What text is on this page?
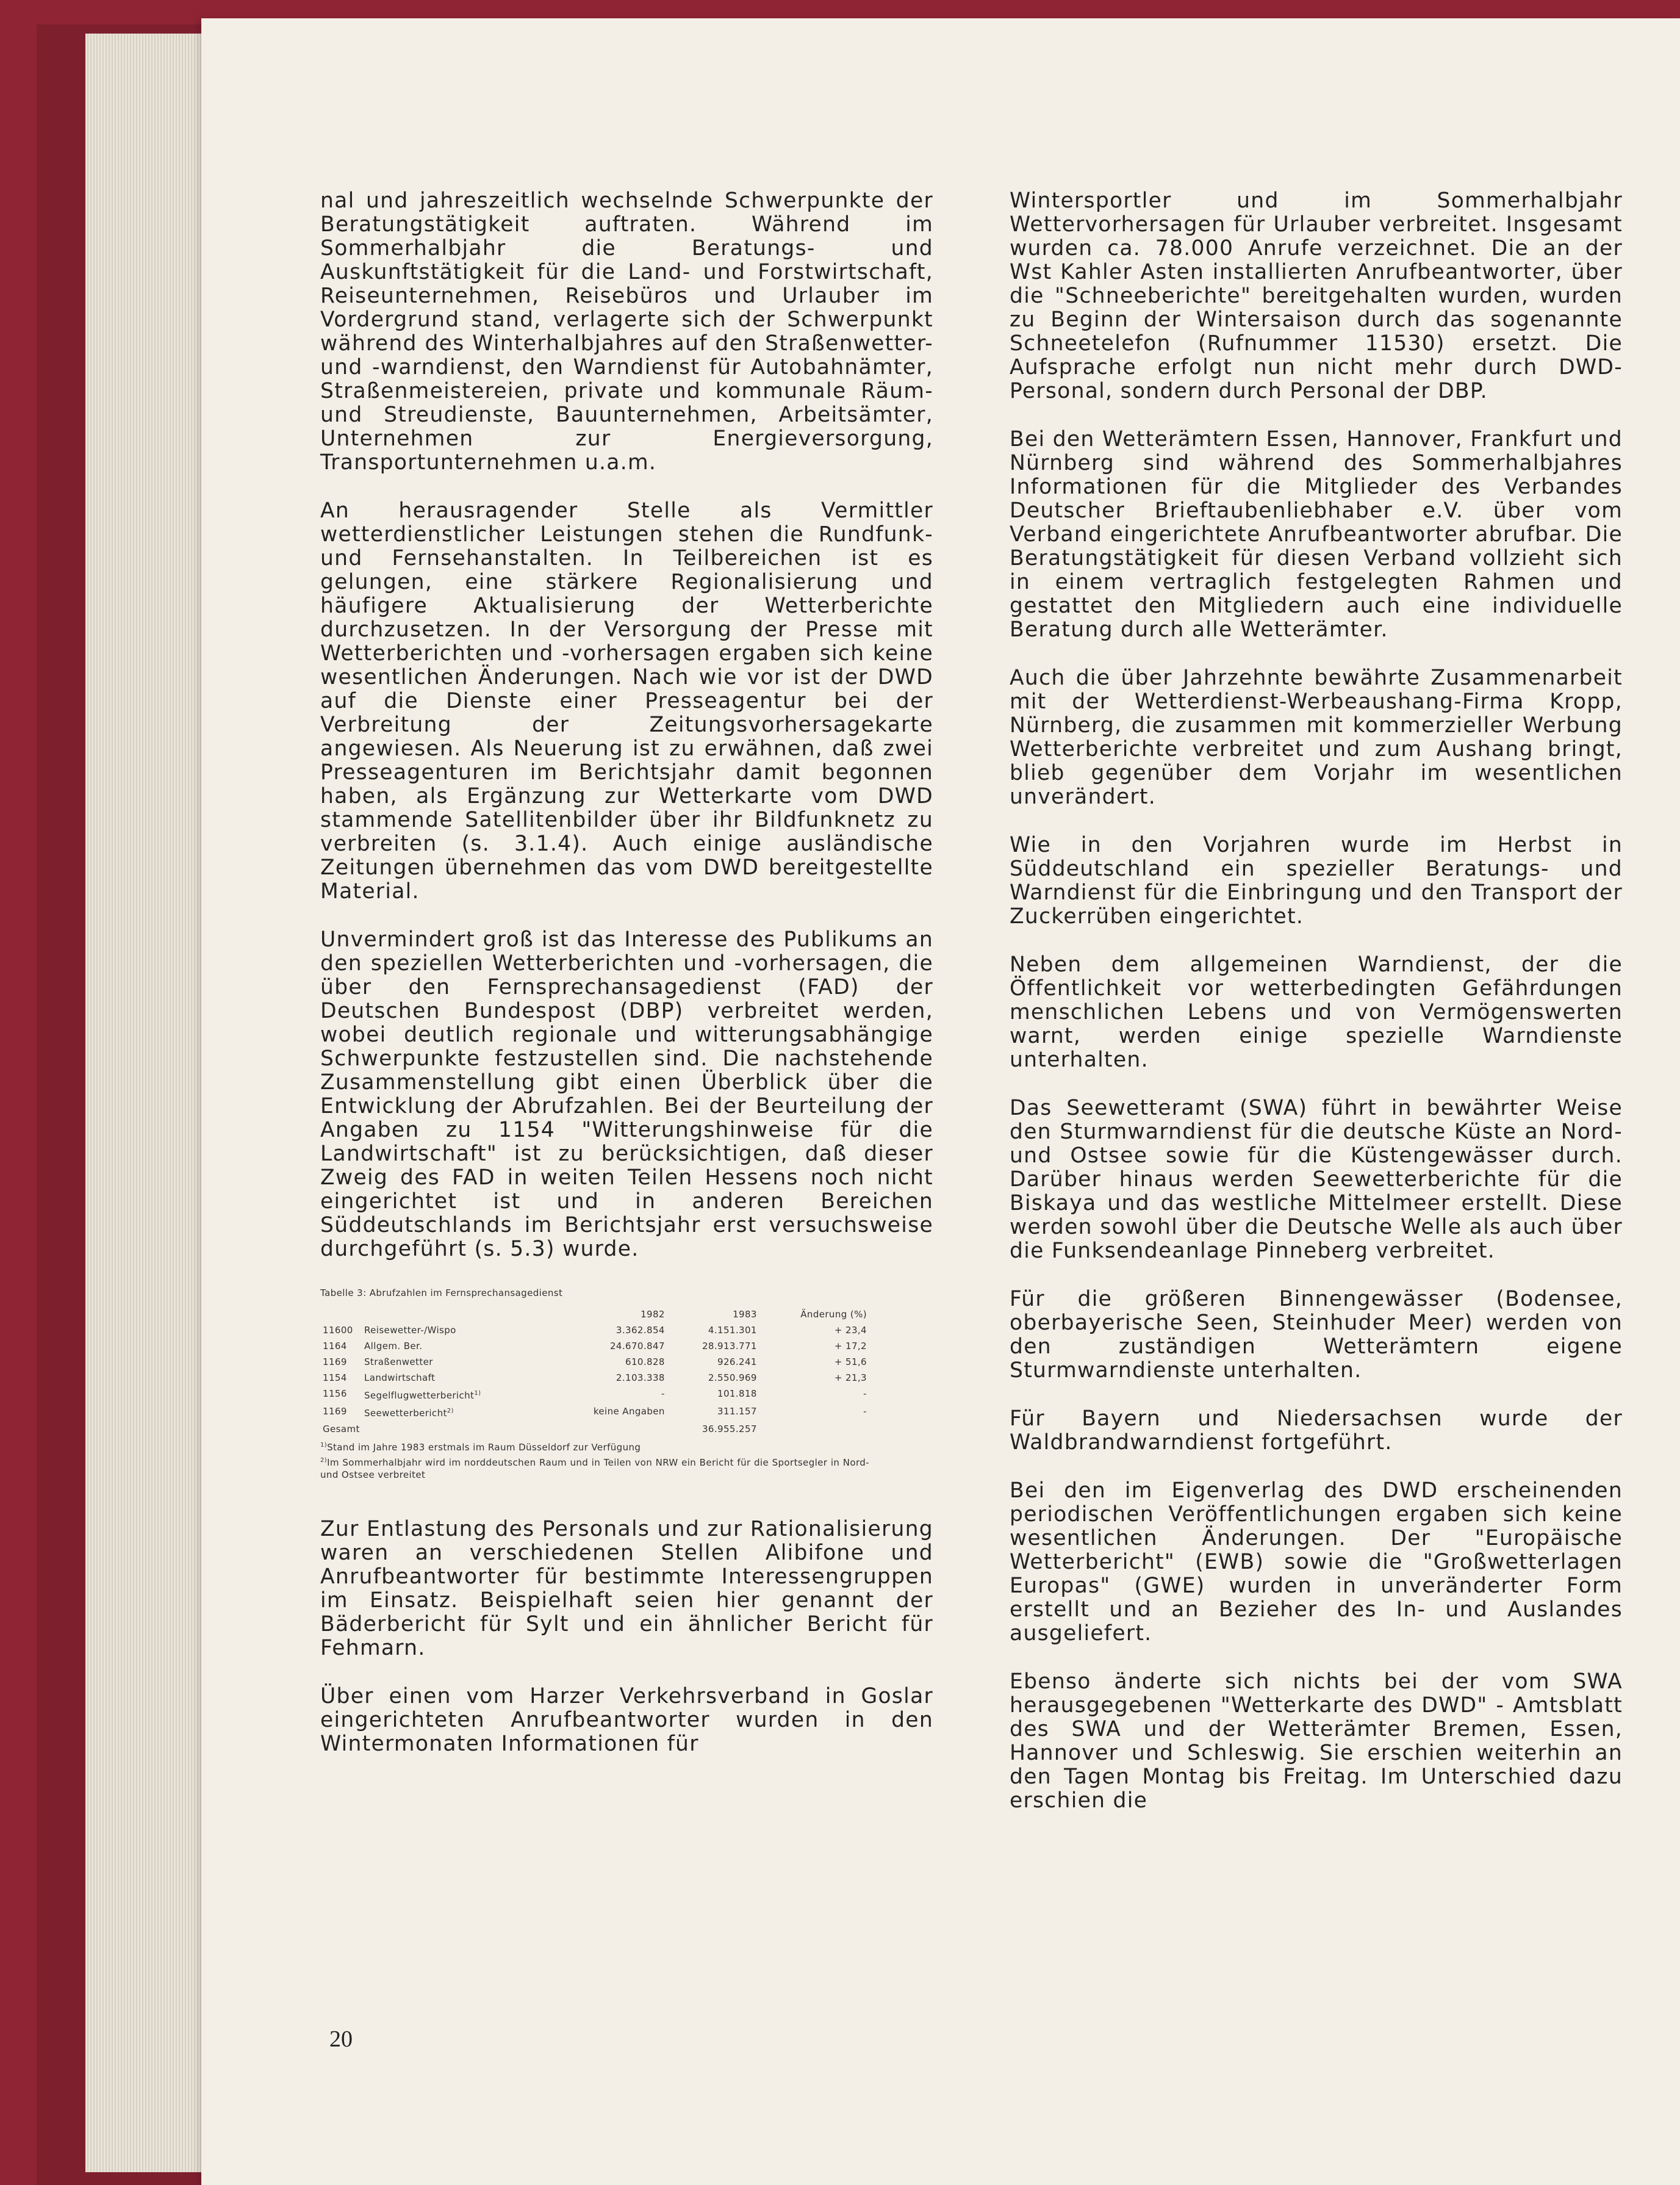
nal und jahreszeitlich wechselnde Schwerpunkte der Beratungstätigkeit auftraten. Während im Sommerhalbjahr die Beratungs- und Auskunftstätigkeit für die Land- und Forstwirtschaft, Reiseunternehmen, Reisebüros und Urlauber im Vordergrund stand, verlagerte sich der Schwerpunkt während des Winterhalbjahres auf den Straßenwetter- und -warndienst, den Warndienst für Autobahnämter, Straßenmeistereien, private und kommunale Räum- und Streudienste, Bauunternehmen, Arbeitsämter, Unternehmen zur Energieversorgung, Transportunternehmen u.a.m.

An herausragender Stelle als Vermittler wetterdienstlicher Leistungen stehen die Rundfunk- und Fernsehanstalten. In Teilbereichen ist es gelungen, eine stärkere Regionalisierung und häufigere Aktualisierung der Wetterberichte durchzusetzen. In der Versorgung der Presse mit Wetterberichten und -vorhersagen ergaben sich keine wesentlichen Änderungen. Nach wie vor ist der DWD auf die Dienste einer Presseagentur bei der Verbreitung der Zeitungsvorhersagekarte angewiesen. Als Neuerung ist zu erwähnen, daß zwei Presseagenturen im Berichtsjahr damit begonnen haben, als Ergänzung zur Wetterkarte vom DWD stammende Satellitenbilder über ihr Bildfunknetz zu verbreiten (s. 3.1.4). Auch einige ausländische Zeitungen übernehmen das vom DWD bereitgestellte Material.

Unvermindert groß ist das Interesse des Publikums an den speziellen Wetterberichten und -vorhersagen, die über den Fernsprechansagedienst (FAD) der Deutschen Bundespost (DBP) verbreitet werden, wobei deutlich regionale und witterungsabhängige Schwerpunkte festzustellen sind. Die nachstehende Zusammenstellung gibt einen Überblick über die Entwicklung der Abrufzahlen. Bei der Beurteilung der Angaben zu 1154 "Witterungshinweise für die Landwirtschaft" ist zu berücksichtigen, daß dieser Zweig des FAD in weiten Teilen Hessens noch nicht eingerichtet ist und in anderen Bereichen Süddeutschlands im Berichtsjahr erst versuchsweise durchgeführt (s. 5.3) wurde.

Tabelle 3: Abrufzahlen im Fernsprechansagedienst
		1982	1983	Änderung (%)
11600	Reisewetter-/Wispo	3.362.854	4.151.301	+ 23,4
1164	Allgem. Ber.	24.670.847	28.913.771	+ 17,2
1169	Straßenwetter	610.828	926.241	+ 51,6
1154	Landwirtschaft	2.103.338	2.550.969	+ 21,3
1156	Segelflugwetterbericht$^{1)}$	-	101.818	-
1169	Seewetterbericht$^{2)}$	keine Angaben	311.157	-
Gesamt			36.955.257	
$^{1)}$Stand im Jahre 1983 erstmals im Raum Düsseldorf zur Verfügung
$^{2)}$Im Sommerhalbjahr wird im norddeutschen Raum und in Teilen von NRW ein Bericht für die Sportsegler in Nord- und Ostsee verbreitet

Zur Entlastung des Personals und zur Rationalisierung waren an verschiedenen Stellen Alibifone und Anrufbeantworter für bestimmte Interessengruppen im Einsatz. Beispielhaft seien hier genannt der Bäderbericht für Sylt und ein ähnlicher Bericht für Fehmarn.

Über einen vom Harzer Verkehrsverband in Goslar eingerichteten Anrufbeantworter wurden in den Wintermonaten Informationen für

Wintersportler und im Sommerhalbjahr Wettervorhersagen für Urlauber verbreitet. Insgesamt wurden ca. 78.000 Anrufe verzeichnet. Die an der Wst Kahler Asten installierten Anrufbeantworter, über die "Schneeberichte" bereitgehalten wurden, wurden zu Beginn der Wintersaison durch das sogenannte Schneetelefon (Rufnummer 11530) ersetzt. Die Aufsprache erfolgt nun nicht mehr durch DWD-Personal, sondern durch Personal der DBP.

Bei den Wetterämtern Essen, Hannover, Frankfurt und Nürnberg sind während des Sommerhalbjahres Informationen für die Mitglieder des Verbandes Deutscher Brieftaubenliebhaber e.V. über vom Verband eingerichtete Anrufbeantworter abrufbar. Die Beratungstätigkeit für diesen Verband vollzieht sich in einem vertraglich festgelegten Rahmen und gestattet den Mitgliedern auch eine individuelle Beratung durch alle Wetterämter.

Auch die über Jahrzehnte bewährte Zusammenarbeit mit der Wetterdienst-Werbeaushang-Firma Kropp, Nürnberg, die zusammen mit kommerzieller Werbung Wetterberichte verbreitet und zum Aushang bringt, blieb gegenüber dem Vorjahr im wesentlichen unverändert.

Wie in den Vorjahren wurde im Herbst in Süddeutschland ein spezieller Beratungs- und Warndienst für die Einbringung und den Transport der Zuckerrüben eingerichtet.

Neben dem allgemeinen Warndienst, der die Öffentlichkeit vor wetterbedingten Gefährdungen menschlichen Lebens und von Vermögenswerten warnt, werden einige spezielle Warndienste unterhalten.

Das Seewetteramt (SWA) führt in bewährter Weise den Sturmwarndienst für die deutsche Küste an Nord- und Ostsee sowie für die Küstengewässer durch. Darüber hinaus werden Seewetterberichte für die Biskaya und das westliche Mittelmeer erstellt. Diese werden sowohl über die Deutsche Welle als auch über die Funksendeanlage Pinneberg verbreitet.

Für die größeren Binnengewässer (Bodensee, oberbayerische Seen, Steinhuder Meer) werden von den zuständigen Wetterämtern eigene Sturmwarndienste unterhalten.

Für Bayern und Niedersachsen wurde der Waldbrandwarndienst fortgeführt.

Bei den im Eigenverlag des DWD erscheinenden periodischen Veröffentlichungen ergaben sich keine wesentlichen Änderungen. Der "Europäische Wetterbericht" (EWB) sowie die "Großwetterlagen Europas" (GWE) wurden in unveränderter Form erstellt und an Bezieher des In- und Auslandes ausgeliefert.

Ebenso änderte sich nichts bei der vom SWA herausgegebenen "Wetterkarte des DWD" - Amtsblatt des SWA und der Wetterämter Bremen, Essen, Hannover und Schleswig. Sie erschien weiterhin an den Tagen Montag bis Freitag. Im Unterschied dazu erschien die

20
